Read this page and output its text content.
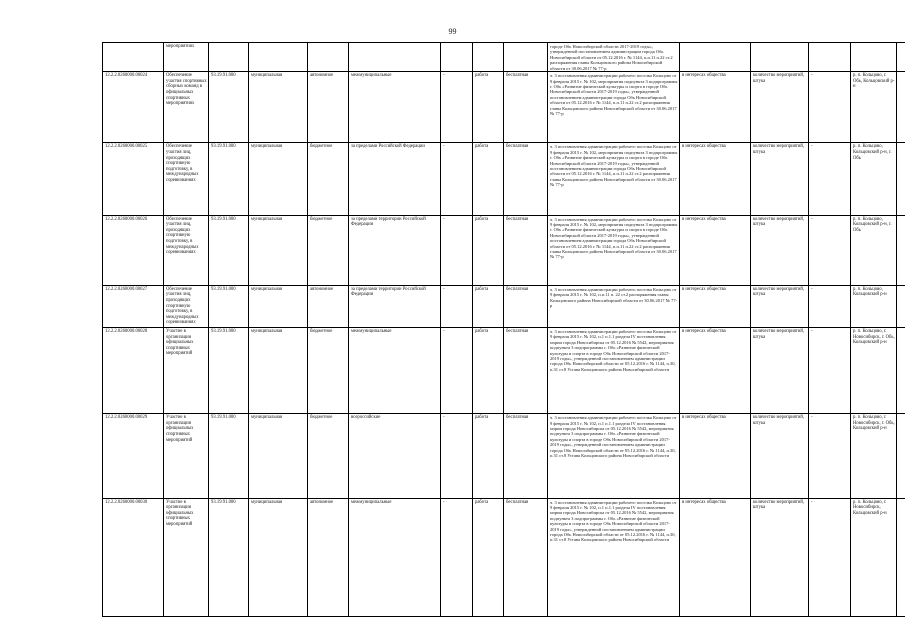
99
	мероприятиях								городе Обь Новосибирской области 2017-2019 годы», утвержденной постановлением администрации города Обь Новосибирской области от 05.12.2016 г. № 1144, п.п.11 п.22 ст.2 распоряжения главы Кольцовского района Новосибирской области от 30.06.2017 № 77-р					
12.2.2.0260000.00024	Обеспечение участия спортивных сборных команд в официальных спортивных мероприятиях	93.19.91.000	муниципальная	автономное	межмуниципальные	-	работа	бесплатная	ч. 3 постановления администрации рабочего поселка Кольцово от 9 февраля 2015 г. № 102, мероприятия подпункта 3 подпрограммы г. Обь «Развитие физической культуры и спорта в городе Обь Новосибирской области 2017-2019 годы», утвержденной постановлением администрации города Обь Новосибирской области от 05.12.2016 г. № 1144, п.п.11 п.22 ст.2 распоряжения главы Кольцовского района Новосибирской области от 30.06.2017 № 77-р	в интересах общества	количество мероприятий, штука	-	р. п. Кольцово, г. Обь, Кольцовский р-н	
12.2.2.0260000.00025	Обеспечение участия лиц, проходящих спортивную подготовку, в международных соревнованиях	93.19.91.000	муниципальная	бюджетное	за пределами Российской Федерации	-	работа	бесплатная	ч. 3 постановления администрации рабочего поселка Кольцово от 9 февраля 2015 г. № 102, мероприятия подпункта 3 подпрограммы г. Обь «Развитие физической культуры и спорта в городе Обь Новосибирской области 2017-2019 годы», утвержденной постановлением администрации города Обь Новосибирской области от 05.12.2016 г. № 1144, п.п.11 п.22 ст.2 распоряжения главы Кольцовского района Новосибирской области от 30.06.2017 № 77-р	в интересах общества	количество мероприятий, штука	-	р. п. Кольцово, Кольцовский р-н, г. Обь	
12.2.2.0260000.00026	Обеспечение участия лиц, проходящих спортивную подготовку, в международных соревнованиях	93.19.91.000	муниципальная	бюджетное	за пределами территории Российской Федерации	-	работа	бесплатная	ч. 3 постановления администрации рабочего поселка Кольцово от 9 февраля 2015 г. № 102, мероприятия подпункта 3 подпрограммы г. Обь «Развитие физической культуры и спорта в городе Обь Новосибирской области 2017-2019 годы», утвержденной постановлением администрации города Обь Новосибирской области от 05.12.2016 г. № 1144, п.п.11 п.22 ст.2 распоряжения главы Кольцовского района Новосибирской области от 30.06.2017 № 77-р	в интересах общества	количество мероприятий, штука	-	р. п. Кольцово, Кольцовский р-н, г. Обь	
12.2.2.0260000.00027	Обеспечение участия лиц, проходящих спортивную подготовку, в международных соревнованиях	93.19.91.000	муниципальная	автономное	за пределами территории Российской Федерации	-	работа	бесплатная	ч. 3 постановления администрации рабочего поселка Кольцово от 9 февраля 2015 г. № 102, п.п.11 п. 22 ст.2 распоряжения главы Кольцовского района Новосибирской области от 30.06.2017 № 77-р	в интересах общества	количество мероприятий, штука	-	р. п. Кольцово, Кольцовский р-н	
12.2.2.0260000.00028	Участие в организации официальных спортивных мероприятий	93.19.91.000	муниципальная	бюджетное	межмуниципальные	-	работа	бесплатная	ч. 3 постановления администрации рабочего поселка Кольцово от 9 февраля 2015 г. № 102, п.1 п.1.1 раздела IV постановления мэрии города Новосибирска от 05.12.2016 № 5542, мероприятия подпункта 3 подпрограммы г. Обь «Развитие физической культуры и спорта в городе Обь Новосибирской области 2017-2019 годы», утвержденной постановлением администрации города Обь Новосибирской области от 05.12.2016 г. № 1144, п.30, п.31 ст.8 Устава Кольцовского района Новосибирской области	в интересах общества	количество мероприятий, штука	-	р. п. Кольцово, г. Новосибирск, г. Обь, Кольцовский р-н	
12.2.2.0260000.00029	Участие в организации официальных спортивных мероприятий	93.19.91.000	муниципальная	бюджетное	всероссийские	-	работа	бесплатная	ч. 3 постановления администрации рабочего поселка Кольцово от 9 февраля 2015 г. № 102, п.1 п.1.1 раздела IV постановления мэрии города Новосибирска от 05.12.2016 № 5542, мероприятия подпункта 3 подпрограммы г. Обь «Развитие физической культуры и спорта в городе Обь Новосибирской области 2017-2019 годы», утвержденной постановлением администрации города Обь Новосибирской области от 05.12.2016 г. № 1144, п.30, п.31 ст.8 Устава Кольцовского района Новосибирской области	в интересах общества	количество мероприятий, штука	-	р. п. Кольцово, г. Новосибирск, г. Обь, Кольцовский р-н	
12.2.2.0260000.00030	Участие в организации официальных спортивных мероприятий	93.19.91.000	муниципальная	автономное	межмуниципальные	-	работа	бесплатная	ч. 3 постановления администрации рабочего поселка Кольцово от 9 февраля 2015 г. № 102, п.1 п.1.1 раздела IV постановления мэрии города Новосибирска от 05.12.2016 № 5542, мероприятия подпункта 3 подпрограммы г. Обь «Развитие физической культуры и спорта в городе Обь Новосибирской области 2017-2019 годы», утвержденной постановлением администрации города Обь Новосибирской области от 05.12.2016 г. № 1144, п.30, п.31 ст.8 Устава Кольцовского района Новосибирской области	в интересах общества	количество мероприятий, штука	-	р. п. Кольцово, г. Новосибирск, Кольцовский р-н	
